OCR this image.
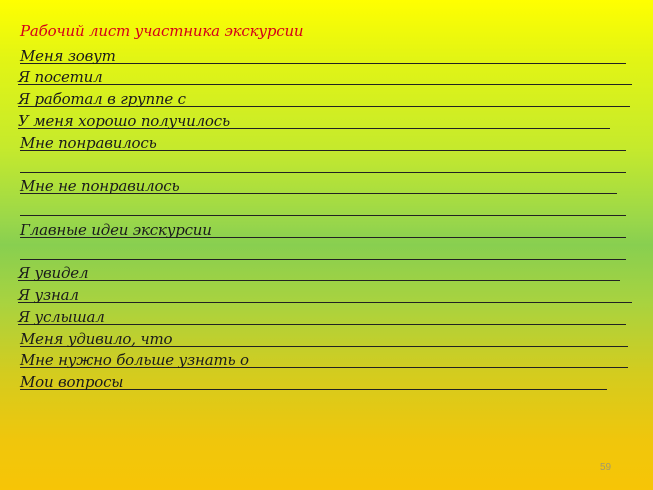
Рабочий лист участника экскурсии
Меня зовут
Я посетил
Я работал в группе с
У меня хорошо получилось
Мне понравилось
Мне не понравилось
Главные идеи экскурсии
Я увидел
Я узнал
Я услышал
Меня удивило, что
Мне нужно больше узнать о
Мои вопросы
59
